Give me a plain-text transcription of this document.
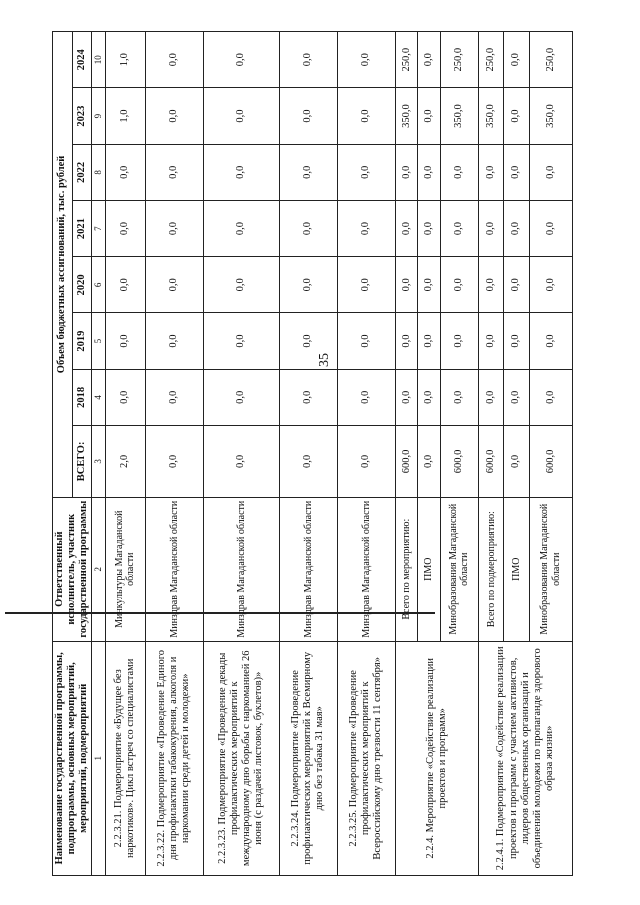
35
Наименование государственной программы, подпрограммы, основных мероприятий, мероприятий, подмероприятий	Ответственный исполнитель, участник государственной программы	Объем бюджетных ассигнований, тыс. рублей							
		ВСЕГО:	2018	2019	2020	2021	2022	2023	2024
1	2	3	4	5	6	7	8	9	10
2.2.3.21. Подмероприятие «Будущее без наркотиков». Цикл встреч со специалистами	Минкультуры Магаданской области	2,0	0,0	0,0	0,0	0,0	0,0	1,0	1,0
2.2.3.22. Подмероприятие «Проведение Единого дня профилактики табакокурения, алкоголя и наркомании среди детей и молодежи»	Минздрав Магаданской области	0,0	0,0	0,0	0,0	0,0	0,0	0,0	0,0
2.2.3.23. Подмероприятие «Проведение декады профилактических мероприятий к международному дню борьбы с наркоманией 26 июня (с раздачей листовок, буклетов)»	Минздрав Магаданской области	0,0	0,0	0,0	0,0	0,0	0,0	0,0	0,0
2.2.3.24. Подмероприятие «Проведение профилактических мероприятий к Всемирному дню без табака 31 мая»	Минздрав Магаданской области	0,0	0,0	0,0	0,0	0,0	0,0	0,0	0,0
2.2.3.25. Подмероприятие «Проведение профилактических мероприятий к Всероссийскому дню трезвости 11 сентября»	Минздрав Магаданской области	0,0	0,0	0,0	0,0	0,0	0,0	0,0	0,0
2.2.4. Мероприятие «Содействие реализации проектов и программ»	Всего по мероприятию:	600,0	0,0	0,0	0,0	0,0	0,0	350,0	250,0
	ПМО	0,0	0,0	0,0	0,0	0,0	0,0	0,0	0,0
	Минобразования Магаданской области	600,0	0,0	0,0	0,0	0,0	0,0	350,0	250,0
2.2.4.1. Подмероприятие «Содействие реализации проектов и программ с участием активистов, лидеров общественных организаций и объединений молодежи по пропаганде здорового образа жизни»	Всего по подмероприятию:	600,0	0,0	0,0	0,0	0,0	0,0	350,0	250,0
	ПМО	0,0	0,0	0,0	0,0	0,0	0,0	0,0	0,0
	Минобразования Магаданской области	600,0	0,0	0,0	0,0	0,0	0,0	350,0	250,0
